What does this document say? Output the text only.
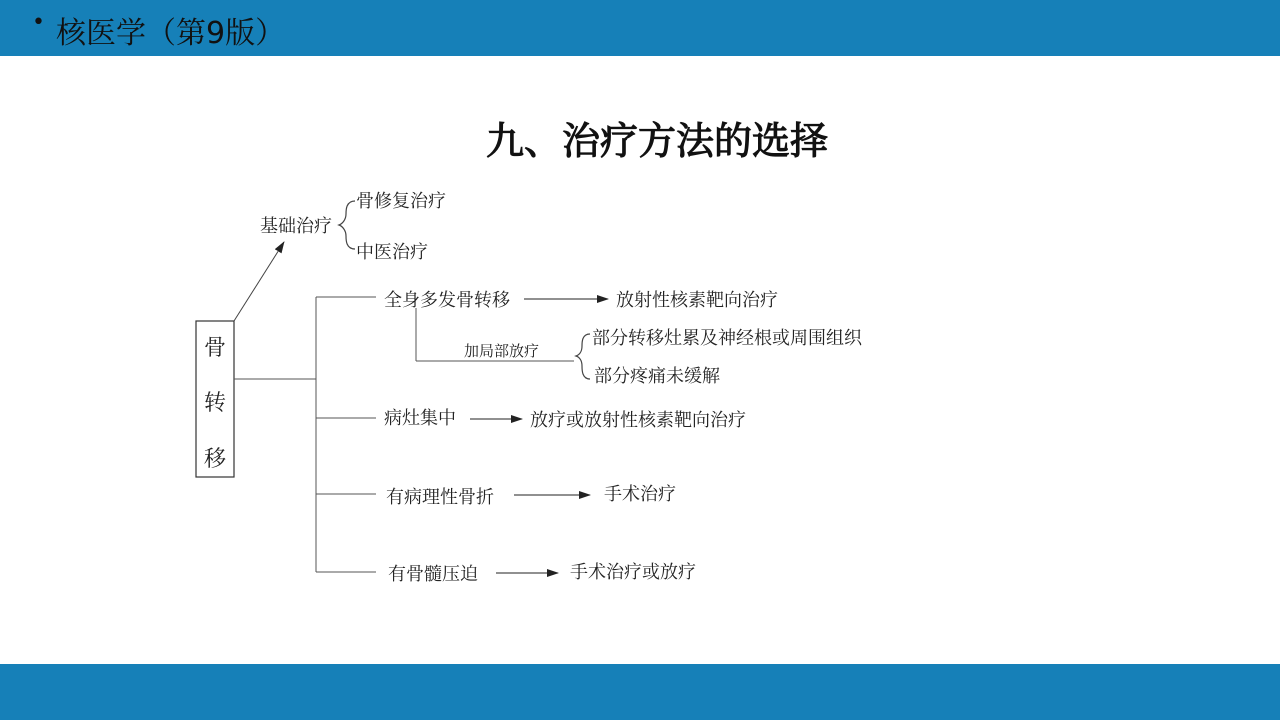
• 核医学（第9版）
九、治疗方法的选择
骨
转
移
基础治疗
骨修复治疗
中医治疗
全身多发骨转移	放射性核素靶向治疗
加局部放疗
部分转移灶累及神经根或周围组织
部分疼痛未缓解
病灶集中	放疗或放射性核素靶向治疗
有病理性骨折	手术治疗
有骨髓压迫	手术治疗或放疗
